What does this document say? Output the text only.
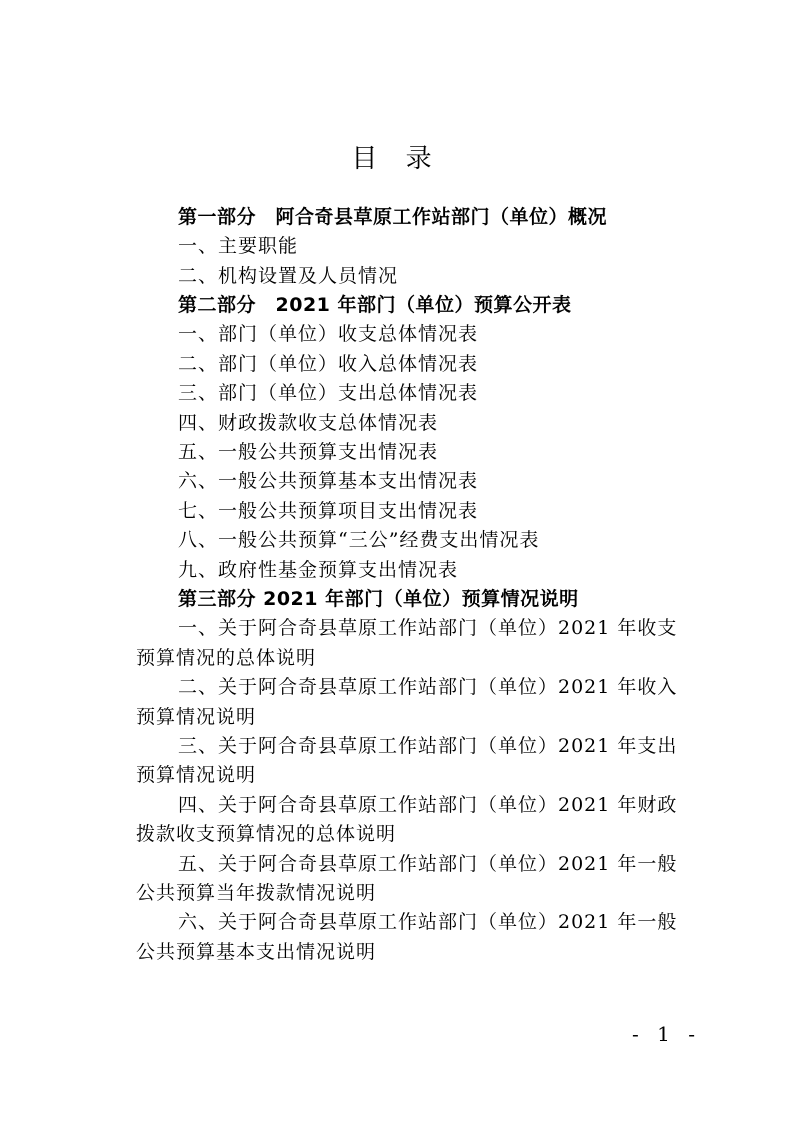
目 录
第一部分　阿合奇县草原工作站部门（单位）概况
一、主要职能
二、机构设置及人员情况
第二部分　2021 年部门（单位）预算公开表
一、部门（单位）收支总体情况表
二、部门（单位）收入总体情况表
三、部门（单位）支出总体情况表
四、财政拨款收支总体情况表
五、一般公共预算支出情况表
六、一般公共预算基本支出情况表
七、一般公共预算项目支出情况表
八、一般公共预算“三公”经费支出情况表
九、政府性基金预算支出情况表
第三部分 2021 年部门（单位）预算情况说明
一、关于阿合奇县草原工作站部门（单位）2021 年收支
预算情况的总体说明
二、关于阿合奇县草原工作站部门（单位）2021 年收入
预算情况说明
三、关于阿合奇县草原工作站部门（单位）2021 年支出
预算情况说明
四、关于阿合奇县草原工作站部门（单位）2021 年财政
拨款收支预算情况的总体说明
五、关于阿合奇县草原工作站部门（单位）2021 年一般
公共预算当年拨款情况说明
六、关于阿合奇县草原工作站部门（单位）2021 年一般
公共预算基本支出情况说明
- 1 -
